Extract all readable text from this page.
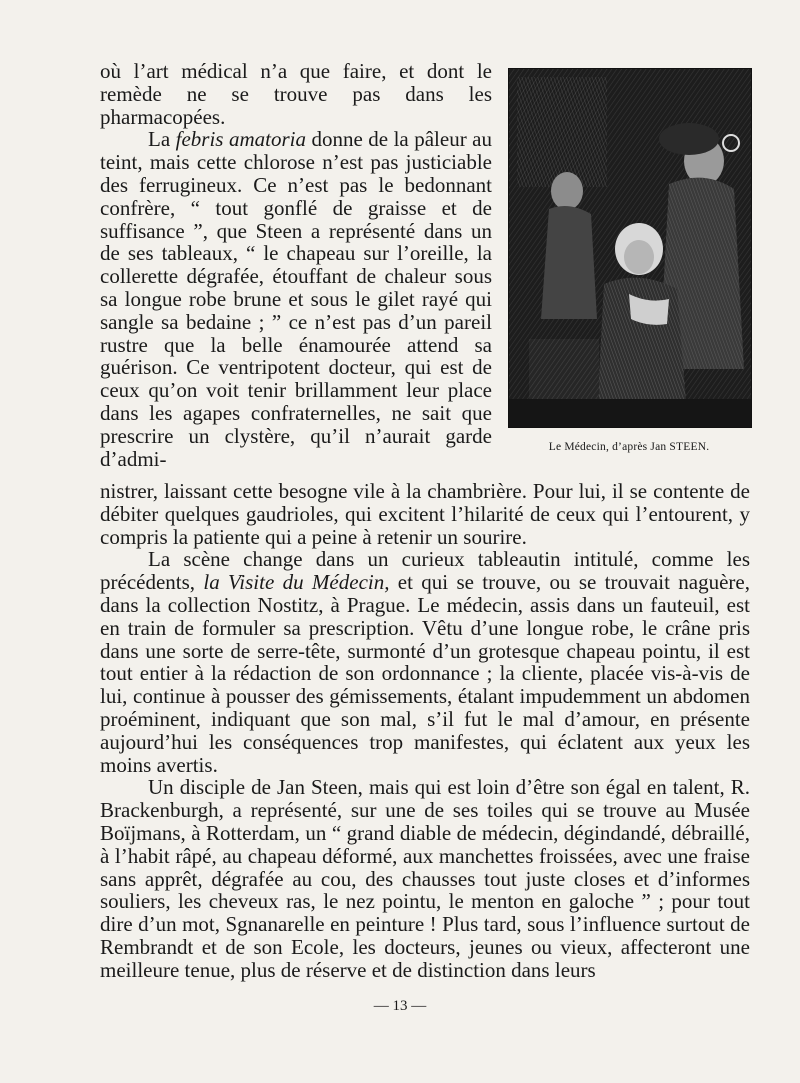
où l’art médical n’a que faire, et dont le remède ne se trouve pas dans les pharmacopées.

La febris amatoria donne de la pâleur au teint, mais cette chlorose n’est pas justiciable des ferrugineux. Ce n’est pas le bedonnant confrère, “ tout gonflé de graisse et de suffisance ”, que Steen a représenté dans un de ses tableaux, “ le chapeau sur l’oreille, la collerette dégrafée, étouffant de chaleur sous sa longue robe brune et sous le gilet rayé qui sangle sa bedaine ; ” ce n’est pas d’un pareil rustre que la belle énamourée attend sa guérison. Ce ventripotent docteur, qui est de ceux qu’on voit tenir brillamment leur place dans les agapes confraternelles, ne sait que prescrire un clystère, qu’il n’aurait garde d’admi-	Le Médecin, d’après Jan STEEN.

nistrer, laissant cette besogne vile à la chambrière. Pour lui, il se contente de débiter quelques gaudrioles, qui excitent l’hilarité de ceux qui l’entourent, y compris la patiente qui a peine à retenir un sourire.

La scène change dans un curieux tableautin intitulé, comme les précédents, la Visite du Médecin, et qui se trouve, ou se trouvait naguère, dans la collection Nostitz, à Prague. Le médecin, assis dans un fauteuil, est en train de formuler sa prescription. Vêtu d’une longue robe, le crâne pris dans une sorte de serre-tête, surmonté d’un grotesque chapeau pointu, il est tout entier à la rédaction de son ordonnance ; la cliente, placée vis-à-vis de lui, continue à pousser des gémissements, étalant impudemment un abdomen proéminent, indiquant que son mal, s’il fut le mal d’amour, en présente aujourd’hui les conséquences trop manifestes, qui éclatent aux yeux les moins avertis.

Un disciple de Jan Steen, mais qui est loin d’être son égal en talent, R. Brackenburgh, a représenté, sur une de ses toiles qui se trouve au Musée Boïjmans, à Rotterdam, un “ grand diable de médecin, dégindandé, débraillé, à l’habit râpé, au chapeau déformé, aux manchettes froissées, avec une fraise sans apprêt, dégrafée au cou, des chausses tout juste closes et d’informes souliers, les cheveux ras, le nez pointu, le menton en galoche ” ; pour tout dire d’un mot, Sgnanarelle en peinture ! Plus tard, sous l’influence surtout de Rembrandt et de son Ecole, les docteurs, jeunes ou vieux, affecteront une meilleure tenue, plus de réserve et de distinction dans leurs

— 13 —
